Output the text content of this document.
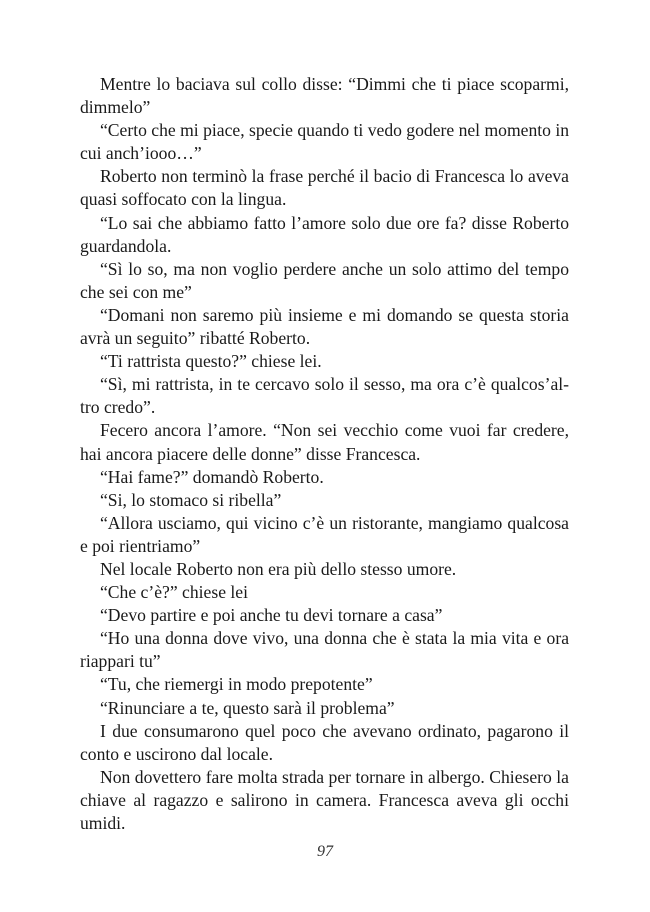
Mentre lo baciava sul collo disse: “Dimmi che ti piace scoparmi, dimmelo”

“Certo che mi piace, specie quando ti vedo godere nel momento in cui anch’iooo…”

Roberto non terminò la frase perché il bacio di Francesca lo aveva quasi soffocato con la lingua.

“Lo sai che abbiamo fatto l’amore solo due ore fa? disse Roberto guardandola.

“Sì lo so, ma non voglio perdere anche un solo attimo del tempo che sei con me”

“Domani non saremo più insieme e mi domando se questa storia avrà un seguito” ribatté Roberto.

“Ti rattrista questo?” chiese lei.

“Sì, mi rattrista, in te cercavo solo il sesso, ma ora c’è qualcos’altro credo”.

Fecero ancora l’amore. “Non sei vecchio come vuoi far credere, hai ancora piacere delle donne” disse Francesca.

“Hai fame?” domandò Roberto.

“Si, lo stomaco si ribella”

“Allora usciamo, qui vicino c’è un ristorante, mangiamo qualcosa e poi rientriamo”

Nel locale Roberto non era più dello stesso umore.

“Che c’è?” chiese lei

“Devo partire e poi anche tu devi tornare a casa”

“Ho una donna dove vivo, una donna che è stata la mia vita e ora riappari tu”

“Tu, che riemergi in modo prepotente”

“Rinunciare a te, questo sarà il problema”

I due consumarono quel poco che avevano ordinato, pagarono il conto e uscirono dal locale.

Non dovettero fare molta strada per tornare in albergo. Chiesero la chiave al ragazzo e salirono in camera. Francesca aveva gli occhi umidi.

97
